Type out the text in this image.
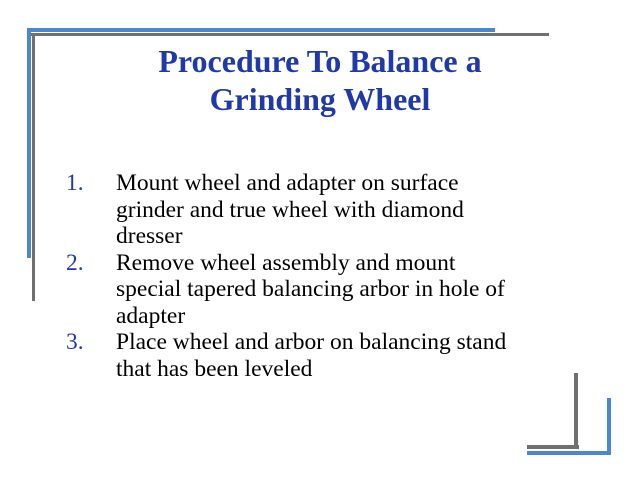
Procedure To Balance a
Grinding Wheel
1. Mount wheel and adapter on surface
grinder and true wheel with diamond
dresser
2. Remove wheel assembly and mount
special tapered balancing arbor in hole of
adapter
3. Place wheel and arbor on balancing stand
that has been leveled
